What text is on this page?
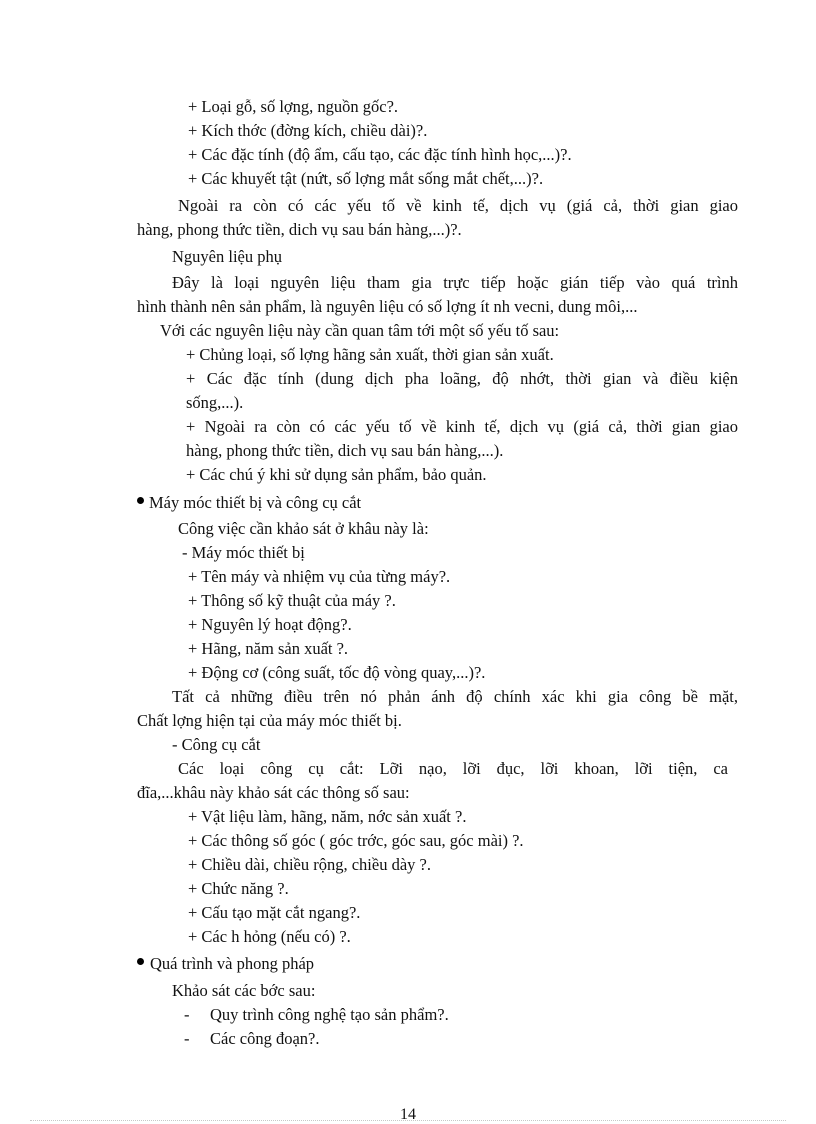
+ Loại gỗ, số lợng, nguồn gốc?.
+ Kích thớc (đờng kích, chiều dài)?.
+ Các đặc tính (độ ẩm, cấu tạo, các đặc tính hình học,...)?.
+ Các khuyết tật (nứt, số lợng mắt sống mắt chết,...)?.
Ngoài ra còn có các yếu tố về kinh tế, dịch vụ (giá cả, thời gian giao
hàng, phong thức tiền, dich vụ sau bán hàng,...)?.
Nguyên liệu phụ
Đây là loại nguyên liệu tham gia trực tiếp hoặc gián tiếp vào quá trình
hình thành nên sản phẩm, là nguyên liệu có số lợng ít nh vecni, dung môi,...
Với các nguyên liệu này cần quan tâm tới một số yếu tố sau:
+ Chủng loại, số lợng hãng sản xuất, thời gian sản xuất.
+ Các đặc tính (dung dịch pha loãng, độ nhớt, thời gian và điều kiện
sống,...).
+ Ngoài ra còn có các yếu tố về kinh tế, dịch vụ (giá cả, thời gian giao
hàng, phong thức tiền, dich vụ sau bán hàng,...).
+ Các chú ý khi sử dụng sản phẩm, bảo quản.
Máy móc thiết bị và công cụ cắt
Công việc cần khảo sát ở khâu này là:
- Máy móc thiết bị
+ Tên máy và nhiệm vụ của từng máy?.
+ Thông số kỹ thuật của máy ?.
+ Nguyên lý hoạt động?.
+ Hãng, năm sản xuất ?.
+ Động cơ (công suất, tốc độ vòng quay,...)?.
Tất cả những điều trên nó phản ánh độ chính xác khi gia công bề mặt,
Chất lợng hiện tại của máy móc thiết bị.
- Công cụ cắt
Các loại công cụ cắt: Lỡi nạo, lỡi đục, lỡi khoan, lỡi tiện, ca
đĩa,...khâu này khảo sát các thông số sau:
+ Vật liệu làm, hãng, năm, nớc sản xuất ?.
+ Các thông số góc ( góc trớc, góc sau, góc mài) ?.
+ Chiều dài, chiều rộng, chiều dày ?.
+ Chức năng ?.
+ Cấu tạo mặt cắt ngang?.
+ Các h hỏng (nếu có) ?.
Quá trình và phong pháp
Khảo sát các bớc sau:
- Quy trình công nghệ tạo sản phẩm?.
- Các công đoạn?.
14
